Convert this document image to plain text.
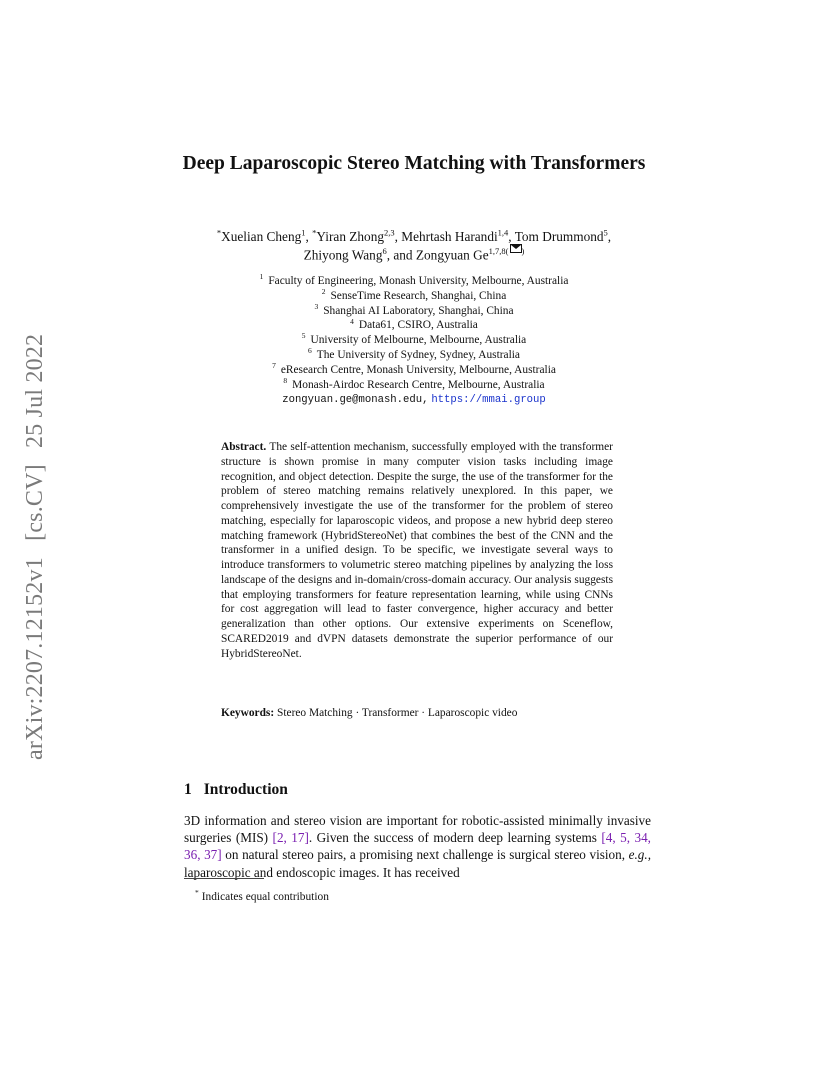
arXiv:2207.12152v1 [cs.CV] 25 Jul 2022
Deep Laparoscopic Stereo Matching with Transformers
*Xuelian Cheng$^1$, *Yiran Zhong$^{2,3}$, Mehrtash Harandi$^{1,4}$, Tom Drummond$^5$,
Zhiyong Wang$^6$, and Zongyuan $Ge^{1,7,8( )}$
$^1$ Faculty of Engineering, Monash University, Melbourne, Australia
$^2$ SenseTime Research, Shanghai, China
$^3$ Shanghai AI Laboratory, Shanghai, China
$^4$ Data61, CSIRO, Australia
$^5$ University of Melbourne, Melbourne, Australia
$^6$ The University of Sydney, Sydney, Australia
$^7$ eResearch Centre, Monash University, Melbourne, Australia
$^8$ Monash-Airdoc Research Centre, Melbourne, Australia
zongyuan.ge@monash.edu, https://mmai.group
Abstract. The self-attention mechanism, successfully employed with the transformer structure is shown promise in many computer vision tasks including image recognition, and object detection. Despite the surge, the use of the transformer for the problem of stereo matching remains relatively unexplored. In this paper, we comprehensively investigate the use of the transformer for the problem of stereo matching, especially for laparoscopic videos, and propose a new hybrid deep stereo matching framework (HybridStereoNet) that combines the best of the CNN and the transformer in a unified design. To be specific, we investigate several ways to introduce transformers to volumetric stereo matching pipelines by analyzing the loss landscape of the designs and in-domain/cross-domain accuracy. Our analysis suggests that employing transformers for feature representation learning, while using CNNs for cost aggregation will lead to faster convergence, higher accuracy and better generalization than other options. Our extensive experiments on Sceneflow, SCARED2019 and dVPN datasets demonstrate the superior performance of our HybridStereoNet.
Keywords: Stereo Matching · Transformer · Laparoscopic video
1 Introduction
3D information and stereo vision are important for robotic-assisted minimally invasive surgeries (MIS) [2, 17]. Given the success of modern deep learning systems [4, 5, 34, 36, 37] on natural stereo pairs, a promising next challenge is surgical stereo vision, e.g., laparoscopic and endoscopic images. It has received
* Indicates equal contribution
